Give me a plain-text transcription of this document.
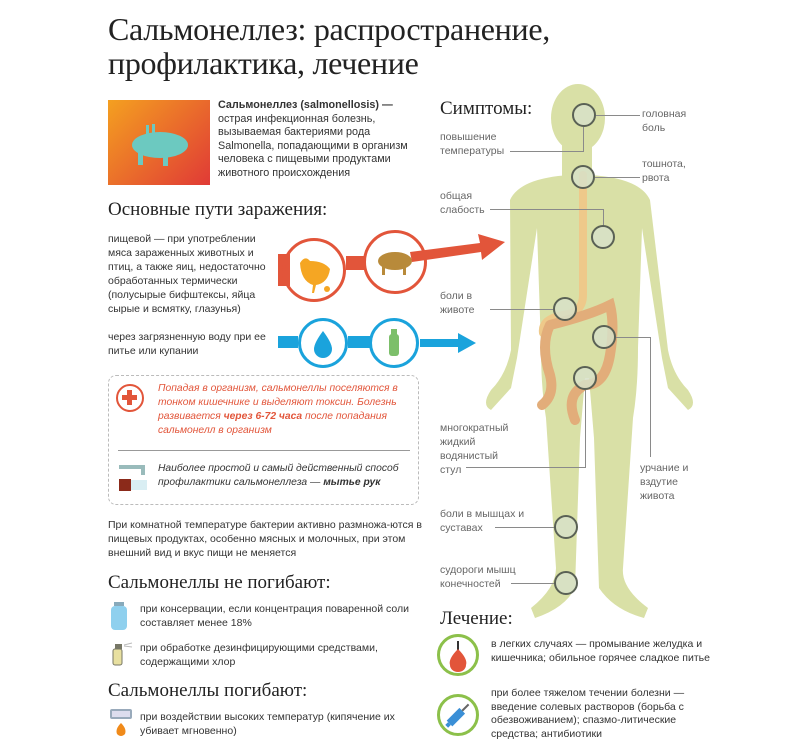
Сальмонеллез: распространение,
профилактика, лечение
Сальмонеллез (salmonellosis) — острая инфекционная болезнь, вызываемая бактериями рода Salmonella, попадающими в организм человека с пищевыми продуктами животного происхождения
Основные пути заражения:
пищевой — при употреблении мяса зараженных животных и птиц, а также яиц, недостаточно обработанных термически (полусырые бифштексы, яйца сырые и всмятку, глазунья)
через загрязненную воду при ее питье или купании
Попадая в организм, сальмонеллы поселяются в тонком кишечнике и выделяют токсин. Болезнь развивается через 6-72 часа после попадания сальмонелл в организм
Наиболее простой и самый действенный способ профилактики сальмонеллеза — мытье рук
При комнатной температуре бактерии активно размножа-ются в пищевых продуктах, особенно мясных и молочных, при этом внешний вид и вкус пищи не меняется
Сальмонеллы не погибают:
при консервации, если концентрация поваренной соли составляет менее 18%
при обработке дезинфицирующими средствами, содержащими хлор
Сальмонеллы погибают:
при воздействии высоких температур (кипячение их убивает мгновенно)
Симптомы:	головная боль
повышение температуры
тошнота, рвота
общая слабость
боли в животе
многократный жидкий водянистый стул	урчание и вздутие живота
боли в мышцах и суставах
судороги мышц конечностей
Лечение:
в легких случаях — промывание желудка и кишечника; обильное горячее сладкое питье
при более тяжелом течении болезни — введение солевых растворов (борьба с обезвоживанием); спазмо-литические средства; антибиотики
